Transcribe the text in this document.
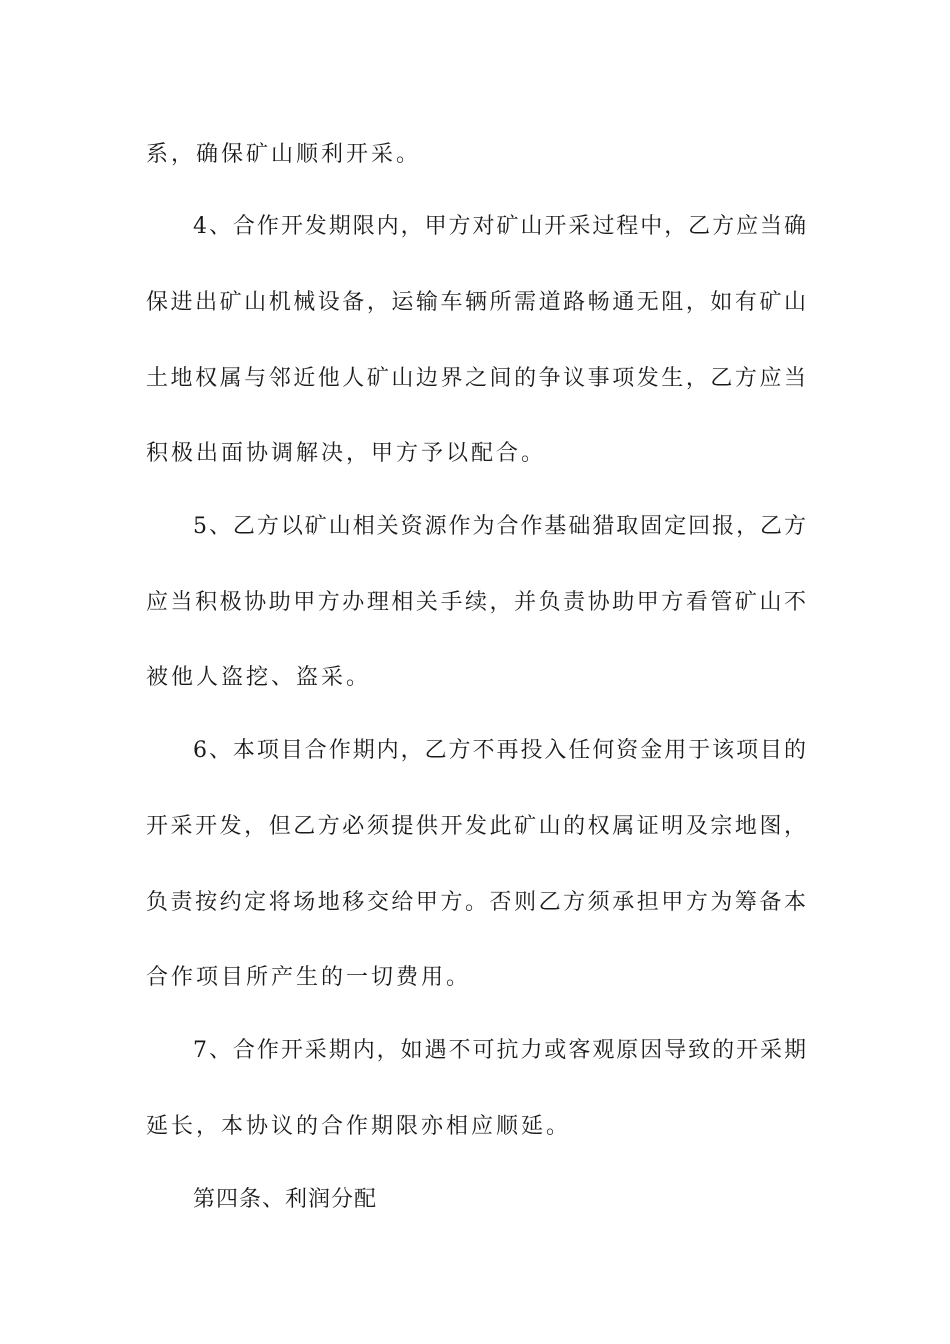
系，确保矿山顺利开采。
4、合作开发期限内，甲方对矿山开采过程中，乙方应当确
保进出矿山机械设备，运输车辆所需道路畅通无阻，如有矿山
土地权属与邻近他人矿山边界之间的争议事项发生，乙方应当
积极出面协调解决，甲方予以配合。
5、乙方以矿山相关资源作为合作基础猎取固定回报，乙方
应当积极协助甲方办理相关手续，并负责协助甲方看管矿山不
被他人盗挖、盗采。
6、本项目合作期内，乙方不再投入任何资金用于该项目的
开采开发，但乙方必须提供开发此矿山的权属证明及宗地图，
负责按约定将场地移交给甲方。否则乙方须承担甲方为筹备本
合作项目所产生的一切费用。
7、合作开采期内，如遇不可抗力或客观原因导致的开采期
延长，本协议的合作期限亦相应顺延。
第四条、利润分配
